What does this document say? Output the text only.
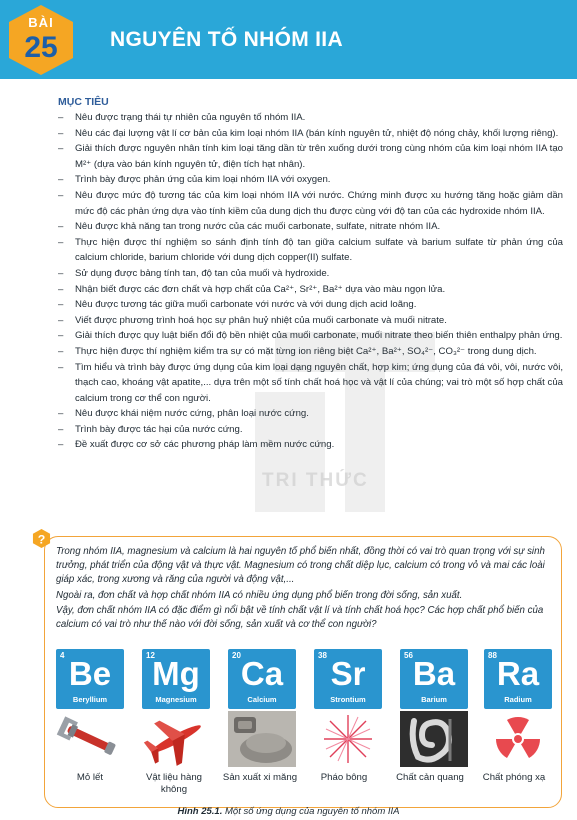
BÀI
25	NGUYÊN TỐ NHÓM IIA
MỤC TIÊU
– Nêu được trạng thái tự nhiên của nguyên tố nhóm IIA.
– Nêu các đại lượng vật lí cơ bản của kim loại nhóm IIA (bán kính nguyên tử, nhiệt độ nóng chảy, khối lượng riêng).
– Giải thích được nguyên nhân tính kim loại tăng dần từ trên xuống dưới trong cùng nhóm của kim loại nhóm IIA tạo M²⁺ (dựa vào bán kính nguyên tử, điện tích hạt nhân).
– Trình bày được phản ứng của kim loại nhóm IIA với oxygen.
– Nêu được mức độ tương tác của kim loại nhóm IIA với nước. Chứng minh được xu hướng tăng hoặc giảm dần mức độ các phản ứng dựa vào tính kiềm của dung dịch thu được cùng với độ tan của các hydroxide nhóm IIA.
– Nêu được khả năng tan trong nước của các muối carbonate, sulfate, nitrate nhóm IIA.
– Thực hiện được thí nghiệm so sánh định tính độ tan giữa calcium sulfate và barium sulfate từ phản ứng của calcium chloride, barium chloride với dung dịch copper(II) sulfate.
– Sử dụng được bảng tính tan, độ tan của muối và hydroxide.
– Nhận biết được các đơn chất và hợp chất của Ca²⁺, Sr²⁺, Ba²⁺ dựa vào màu ngọn lửa.
– Nêu được tương tác giữa muối carbonate với nước và với dung dịch acid loãng.
– Viết được phương trình hoá học sự phân huỷ nhiệt của muối carbonate và muối nitrate.
– Giải thích được quy luật biến đổi độ bền nhiệt của muối carbonate, muối nitrate theo biến thiên enthalpy phản ứng.
– Thực hiện được thí nghiệm kiểm tra sự có mặt từng ion riêng biệt Ca²⁺, Ba²⁺, SO₄²⁻, CO₃²⁻ trong dung dịch.
– Tìm hiểu và trình bày được ứng dụng của kim loại dạng nguyên chất, hợp kim; ứng dụng của đá vôi, vôi, nước vôi, thạch cao, khoáng vật apatite,... dựa trên một số tính chất hoá học và vật lí của chúng; vai trò một số hợp chất của calcium trong cơ thể con người.
– Nêu được khái niệm nước cứng, phân loại nước cứng.
– Trình bày được tác hại của nước cứng.
– Đề xuất được cơ sở các phương pháp làm mềm nước cứng.
TRI THỨC
?

Trong nhóm IIA, magnesium và calcium là hai nguyên tố phổ biến nhất, đồng thời có vai trò quan trọng với sự sinh trưởng, phát triển của động vật và thực vật. Magnesium có trong chất diệp lục, calcium có trong vỏ và mai các loài giáp xác, trong xương và răng của người và động vật,...

Ngoài ra, đơn chất và hợp chất nhóm IIA có nhiều ứng dụng phổ biến trong đời sống, sản xuất.

Vậy, đơn chất nhóm IIA có đặc điểm gì nổi bật về tính chất vật lí và tính chất hoá học? Các hợp chất phổ biến của calcium có vai trò như thế nào với đời sống, sản xuất và cơ thể con người?

4 Be
Beryllium
12
Mg
Magnesium
20 Ca
Calcium
38 Sr
Strontium
56 Ba
Barium
88 Ra
Radium
Mỏ lết	Vật liệu hàng không
Sản xuất xi măng	Pháo bông	Chất cản quang	Chất phóng xạ
Hình 25.1. Một số ứng dụng của nguyên tố nhóm IIA
